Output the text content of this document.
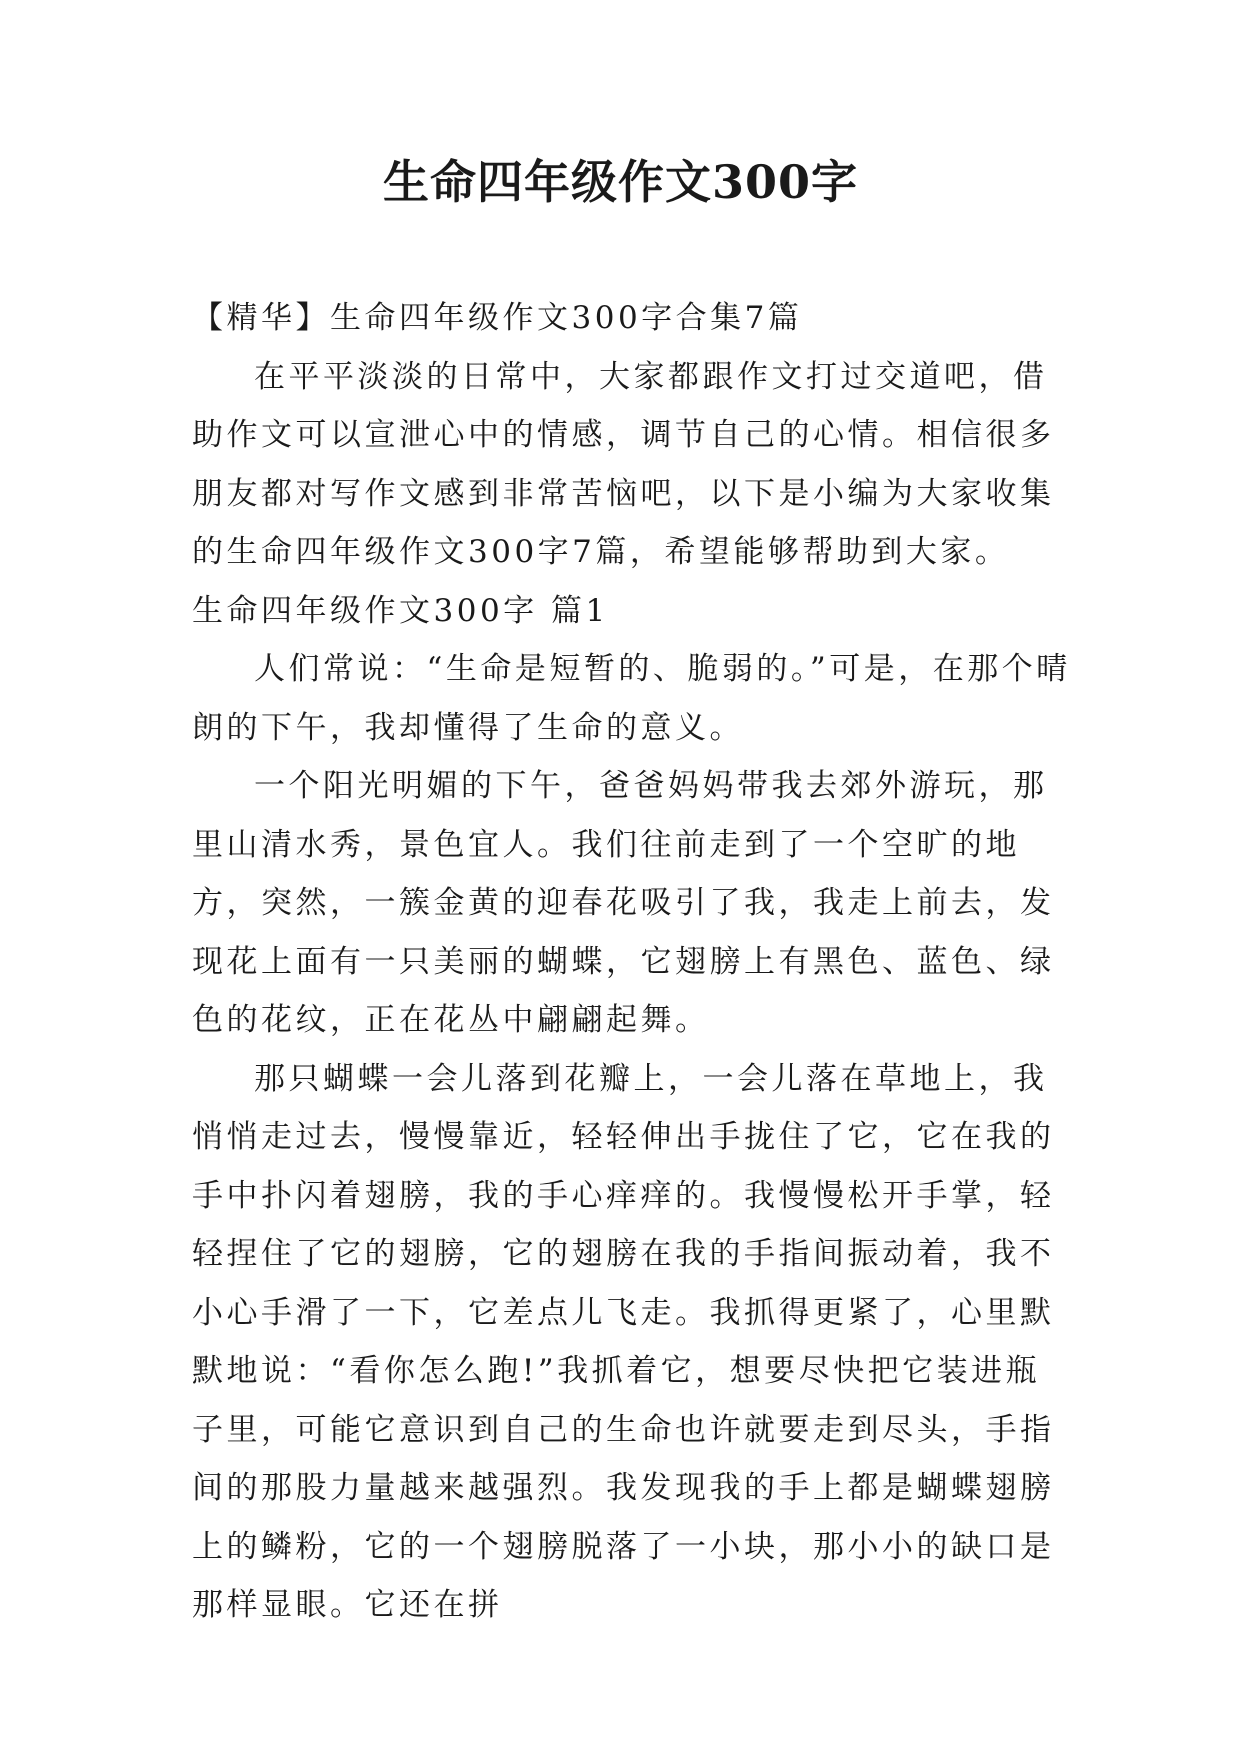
生命四年级作文300字

【精华】生命四年级作文300字合集7篇

在平平淡淡的日常中，大家都跟作文打过交道吧，借助作文可以宣泄心中的情感，调节自己的心情。相信很多朋友都对写作文感到非常苦恼吧，以下是小编为大家收集的生命四年级作文300字7篇，希望能够帮助到大家。

生命四年级作文300字 篇1

人们常说：“生命是短暂的、脆弱的。”可是，在那个晴朗的下午，我却懂得了生命的意义。

一个阳光明媚的下午，爸爸妈妈带我去郊外游玩，那里山清水秀，景色宜人。我们往前走到了一个空旷的地方，突然，一簇金黄的迎春花吸引了我，我走上前去，发现花上面有一只美丽的蝴蝶，它翅膀上有黑色、蓝色、绿色的花纹，正在花丛中翩翩起舞。

那只蝴蝶一会儿落到花瓣上，一会儿落在草地上，我悄悄走过去，慢慢靠近，轻轻伸出手拢住了它，它在我的手中扑闪着翅膀，我的手心痒痒的。我慢慢松开手掌，轻轻捏住了它的翅膀，它的翅膀在我的手指间振动着，我不小心手滑了一下，它差点儿飞走。我抓得更紧了，心里默默地说：“看你怎么跑!”我抓着它，想要尽快把它装进瓶子里，可能它意识到自己的生命也许就要走到尽头，手指间的那股力量越来越强烈。我发现我的手上都是蝴蝶翅膀上的鳞粉，它的一个翅膀脱落了一小块，那小小的缺口是那样显眼。它还在拼
